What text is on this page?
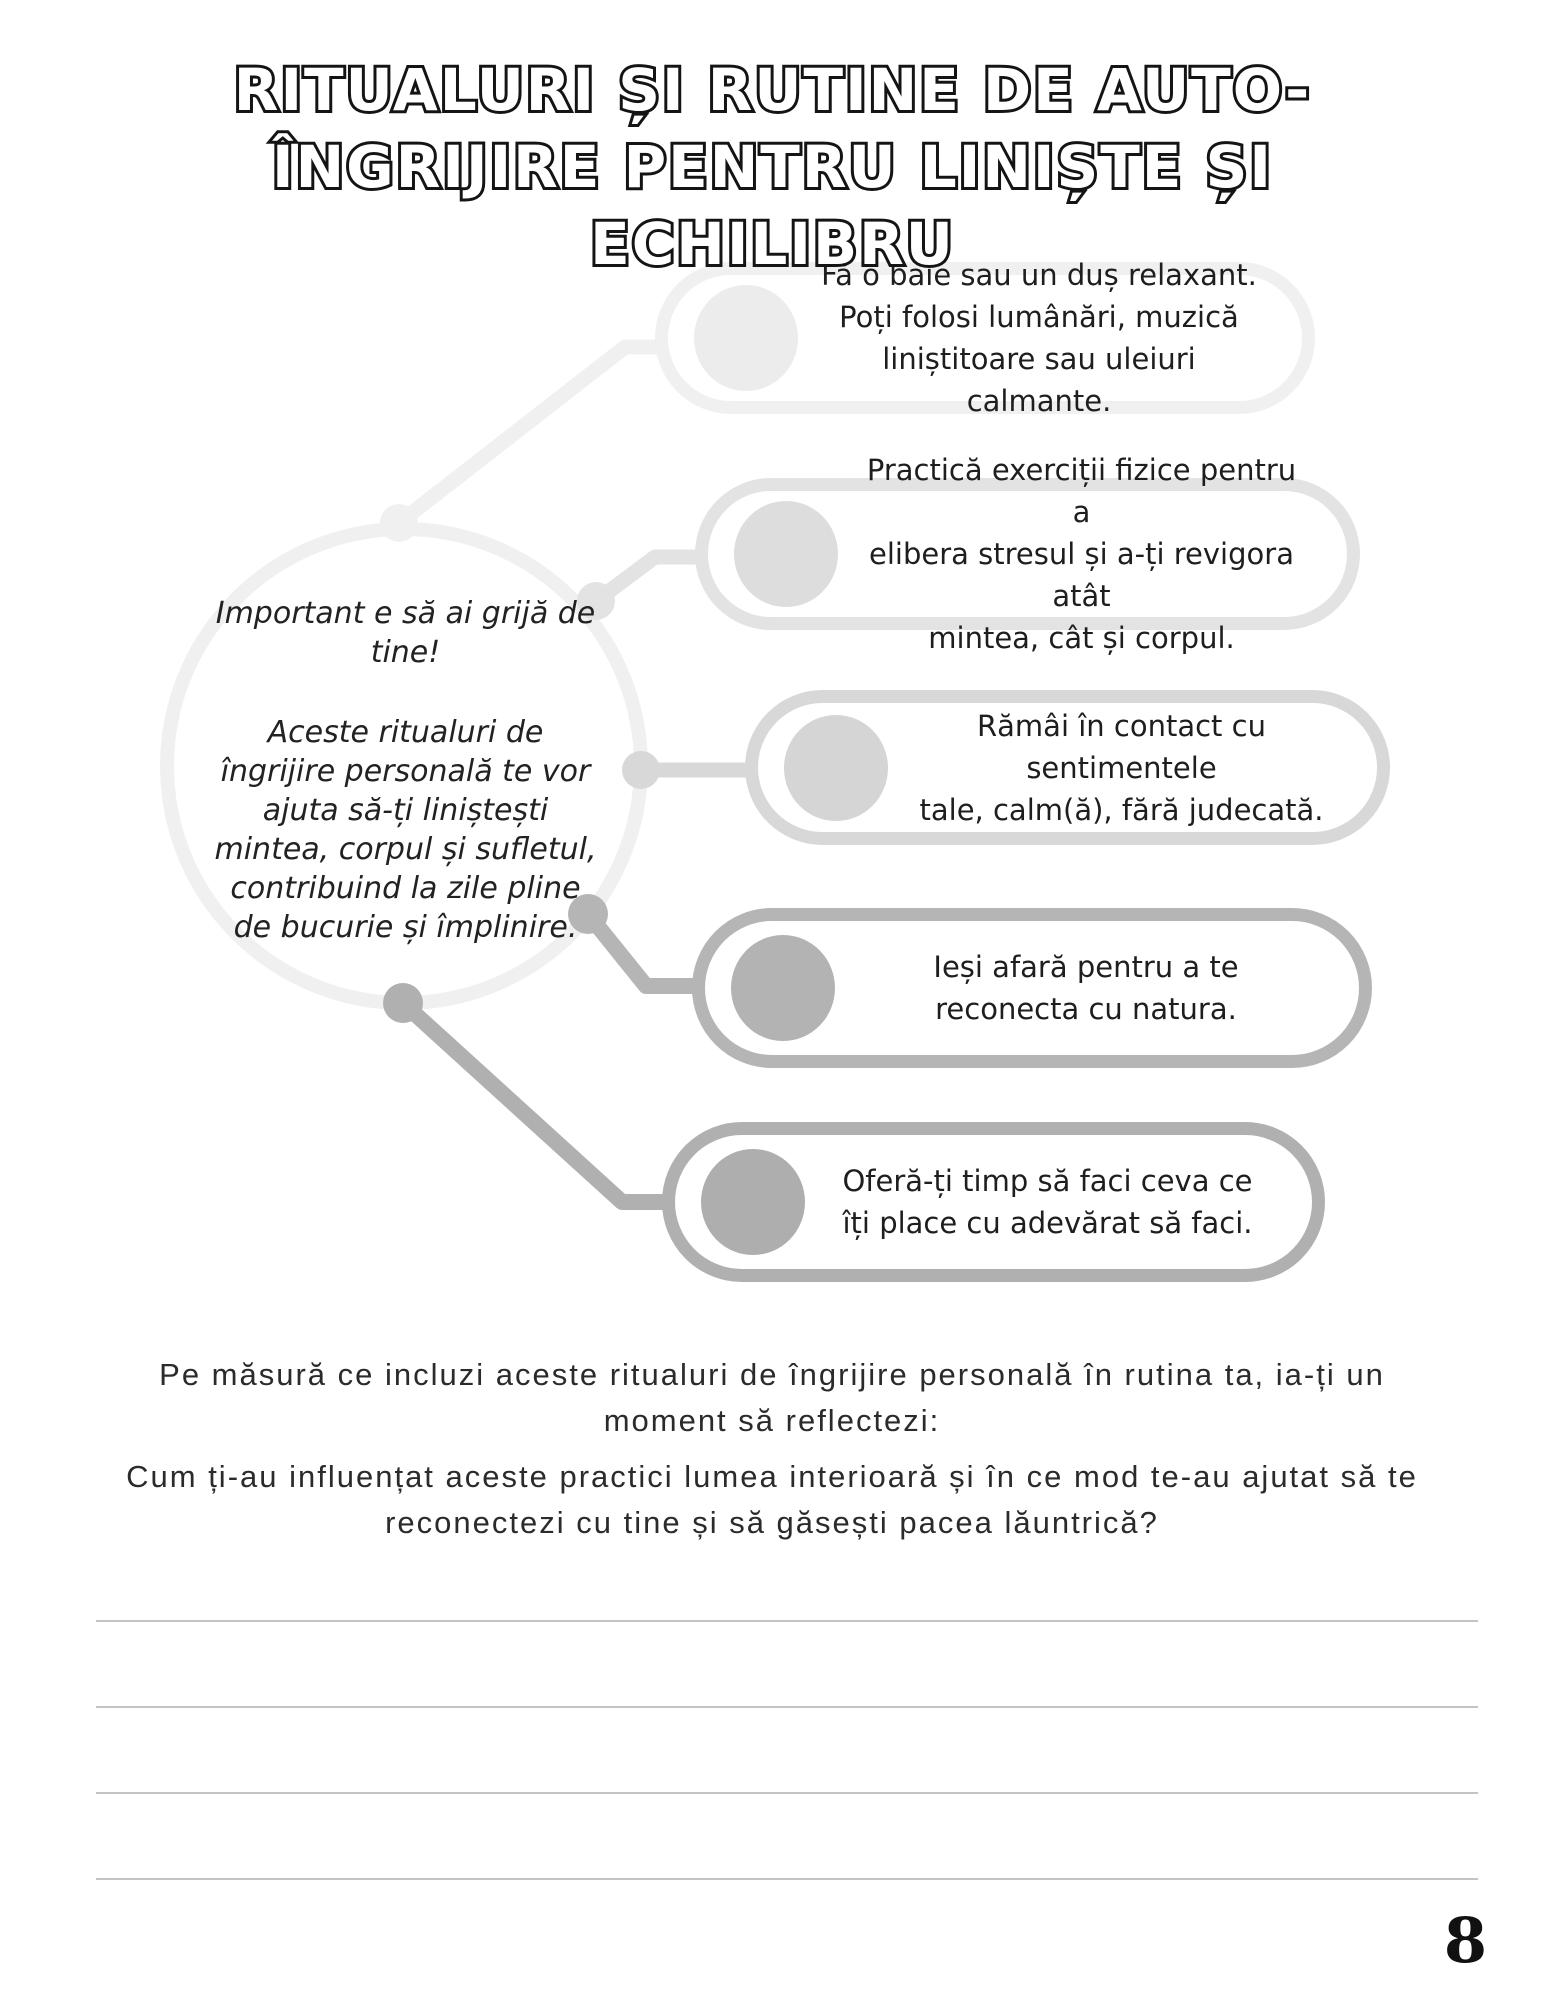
RITUALURI ȘI RUTINE DE AUTO-
ÎNGRIJIRE PENTRU LINIȘTE ȘI
ECHILIBRU
Important e să ai grijă de
tine!
Aceste ritualuri de
îngrijire personală te vor
ajuta să-ți liniștești
mintea, corpul și sufletul,
contribuind la zile pline
de bucurie și împlinire.
Fă o baie sau un duș relaxant.
Poți folosi lumânări, muzică
liniștitoare sau uleiuri calmante.
Practică exerciții fizice pentru a
elibera stresul și a-ți revigora atât
mintea, cât și corpul.
Rămâi în contact cu sentimentele
tale, calm(ă), fără judecată.
Ieși afară pentru a te
reconecta cu natura.
Oferă-ți timp să faci ceva ce
îți place cu adevărat să faci.
Pe măsură ce incluzi aceste ritualuri de îngrijire personală în rutina ta, ia-ți un
moment să reflectezi:
Cum ți-au influențat aceste practici lumea interioară și în ce mod te-au ajutat să te
reconectezi cu tine și să găsești pacea lăuntrică?
8
